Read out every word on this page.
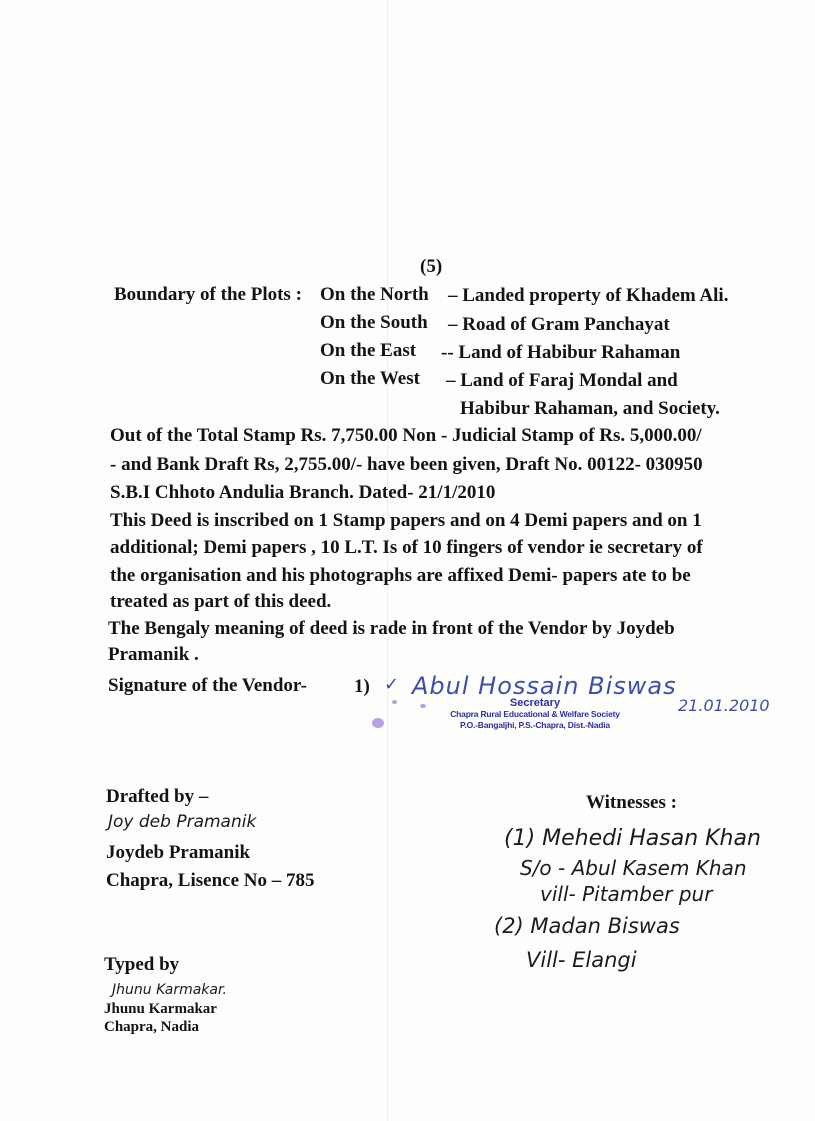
(5)
Boundary of the Plots : On the North – Landed property of Khadem Ali.
On the South – Road of Gram Panchayat
On the East -- Land of Habibur Rahaman
On the West – Land of Faraj Mondal and
Habibur Rahaman, and Society.
Out of the Total Stamp Rs. 7,750.00 Non - Judicial Stamp of Rs. 5,000.00/
- and Bank Draft Rs, 2,755.00/- have been given, Draft No. 00122- 030950
S.B.I Chhoto Andulia Branch. Dated- 21/1/2010
This Deed is inscribed on 1 Stamp papers and on 4 Demi papers and on 1
additional; Demi papers , 10 L.T. Is of 10 fingers of vendor ie secretary of
the organisation and his photographs are affixed Demi- papers ate to be
treated as part of this deed.
The Bengaly meaning of deed is rade in front of the Vendor by Joydeb
Pramanik .
Signature of the Vendor- 1) ✓ Abul Hossain Biswas
21.01.2010
Secretary
Chapra Rural Educational & Welfare Society
P.O.-Bangaljhi, P.S.-Chapra, Dist.-Nadia
Drafted by –
Joy deb Pramanik
Joydeb Pramanik
Chapra, Lisence No – 785
Witnesses :
(1) Mehedi Hasan Khan
S/o - Abul Kasem Khan
vill- Pitamber pur
(2) Madan Biswas
Vill- Elangi
Typed by
Jhunu Karmakar.
Jhunu Karmakar
Chapra, Nadia
